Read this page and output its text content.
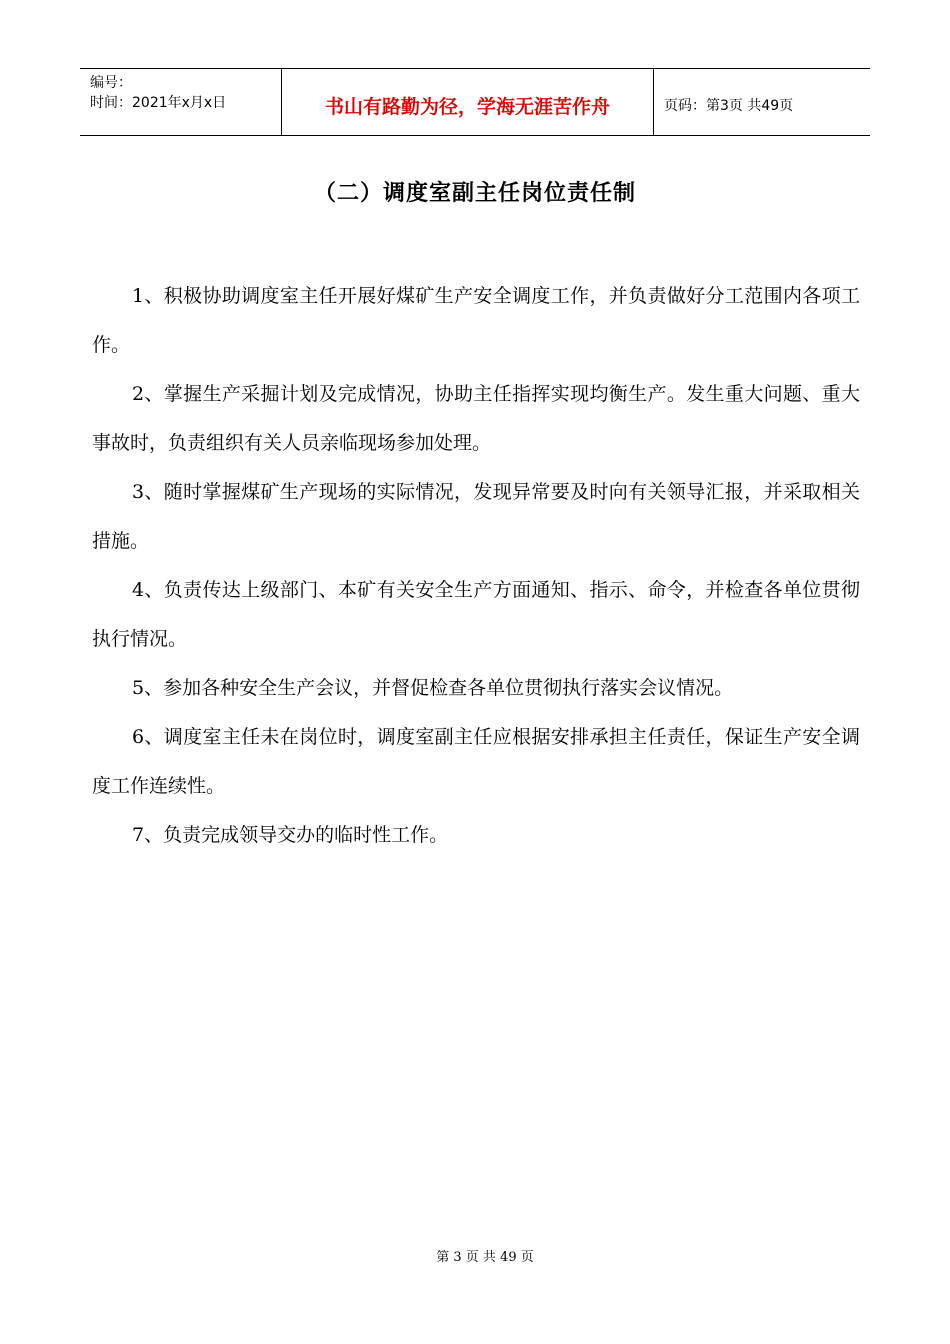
编号：
时间：2021年x月x日	书山有路勤为径，学海无涯苦作舟	页码：第3页 共49页
（二）调度室副主任岗位责任制

1、积极协助调度室主任开展好煤矿生产安全调度工作，并负责做好分工范围内各项工作。

2、掌握生产采掘计划及完成情况，协助主任指挥实现均衡生产。发生重大问题、重大事故时，负责组织有关人员亲临现场参加处理。

3、随时掌握煤矿生产现场的实际情况，发现异常要及时向有关领导汇报，并采取相关措施。

4、负责传达上级部门、本矿有关安全生产方面通知、指示、命令，并检查各单位贯彻执行情况。

5、参加各种安全生产会议，并督促检查各单位贯彻执行落实会议情况。

6、调度室主任未在岗位时，调度室副主任应根据安排承担主任责任，保证生产安全调度工作连续性。

7、负责完成领导交办的临时性工作。

第 3 页 共 49 页
